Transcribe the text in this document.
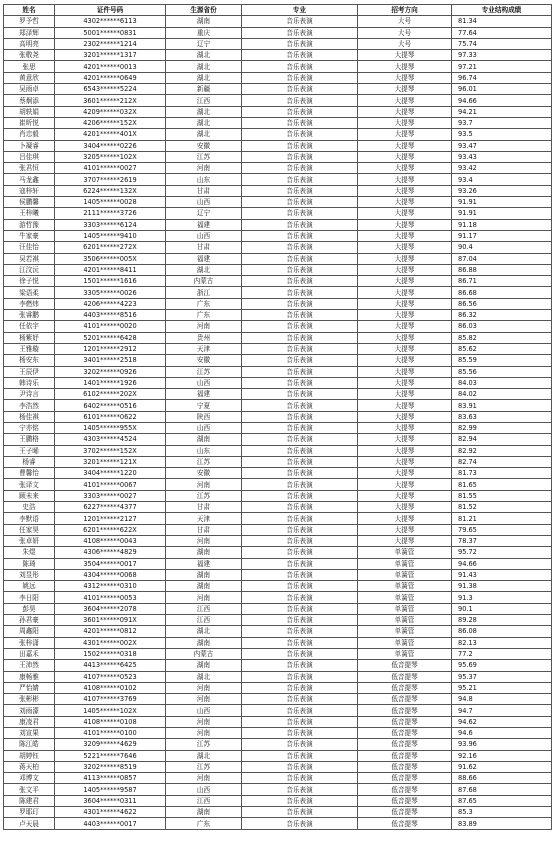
姓名	证件号码	生源省份	专业	招考方向	专业结构成绩
罗予哲	4302******6113	湖南	音乐表演	大号	81.34
郑泽辉	5001******0831	重庆	音乐表演	大号	77.64
高明亮	2302******1214	辽宁	音乐表演	大号	75.74
张敬尧	3201******1317	湖北	音乐表演	大提琴	97.33
张思	4201******0013	湖北	音乐表演	大提琴	97.21
黄意欣	4201******0649	湖北	音乐表演	大提琴	96.74
吴雨卓	6543******5224	新疆	音乐表演	大提琴	96.01
蔡炯添	3601******212X	江西	音乐表演	大提琴	94.66
胡轶娟	4209******032X	湖北	音乐表演	大提琴	94.21
崔昕悦	4206******152X	湖北	音乐表演	大提琴	93.7
肖忠毅	4201******401X	湖北	音乐表演	大提琴	93.5
卜凝睿	3404******0226	安徽	音乐表演	大提琴	93.47
吕佳琪	3205******102X	江苏	音乐表演	大提琴	93.43
张君恒	4101******0027	河南	音乐表演	大提琴	93.42
马龙鑫	3707******2619	山东	音乐表演	大提琴	93.4
寇梓轩	6224******132X	甘肃	音乐表演	大提琴	93.26
侯鹏馨	1405******0028	山西	音乐表演	大提琴	91.91
王梓曦	2111******3726	辽宁	音乐表演	大提琴	91.91
游哲豫	3303******6124	福建	音乐表演	大提琴	91.18
牛家豪	1405******9410	山西	音乐表演	大提琴	91.17
汪佳怡	6201******272X	甘肃	音乐表演	大提琴	90.4
吴若祺	3506******005X	福建	音乐表演	大提琴	87.04
江汶沅	4201******8411	湖北	音乐表演	大提琴	86.88
徐子悦	1501******1616	内蒙古	音乐表演	大提琴	86.71
梁语柔	3305******0026	浙江	音乐表演	大提琴	86.68
李燃炜	4206******4223	广东	音乐表演	大提琴	86.56
张睿鹏	4403******8516	广东	音乐表演	大提琴	86.32
任依宇	4101******0020	河南	音乐表演	大提琴	86.03
杨紫妤	5201******6428	贵州	音乐表演	大提琴	85.82
王雅璇	1201******2912	天津	音乐表演	大提琴	85.62
杨安东	3401******2518	安徽	音乐表演	大提琴	85.59
王辰伊	3202******0926	江苏	音乐表演	大提琴	85.56
韩诗乐	1401******1926	山西	音乐表演	大提琴	84.03
尹诗言	6102******202X	福建	音乐表演	大提琴	84.02
李浩然	6402******0516	宁夏	音乐表演	大提琴	83.91
杨佳祺	6101******0622	陕西	音乐表演	大提琴	83.63
宁亦铭	1405******955X	山西	音乐表演	大提琴	82.99
王鹏格	4303******4524	湖南	音乐表演	大提琴	82.94
王子晞	3702******152X	山东	音乐表演	大提琴	82.92
杨睿	3201******121X	江苏	音乐表演	大提琴	82.74
曹馨怡	3404******1220	安徽	音乐表演	大提琴	81.73
张译文	4101******0067	河南	音乐表演	大提琴	81.65
顾未来	3303******0027	江苏	音乐表演	大提琴	81.55
史浩	6227******4377	甘肃	音乐表演	大提琴	81.52
李默语	1201******2127	天津	音乐表演	大提琴	81.21
任家昊	6201******622X	甘肃	音乐表演	大提琴	79.65
张卓妍	4108******0043	河南	音乐表演	大提琴	78.37
朱煜	4306******4829	湖南	音乐表演	单簧管	95.72
陈琦	3504******0017	福建	音乐表演	单簧管	94.66
刘昱彤	4304******0068	湖南	音乐表演	单簧管	91.43
姚远	4312******0310	湖南	音乐表演	单簧管	91.38
李日阳	4101******0053	河南	音乐表演	单簧管	91.3
彭昊	3604******2078	江西	音乐表演	单簧管	90.1
孙君豪	3601******091X	江西	音乐表演	单簧管	89.28
周鑫阳	4201******0812	湖北	音乐表演	单簧管	86.08
张梓潇	4301******002X	湖南	音乐表演	单簧管	82.13
田嘉禾	1502******0318	内蒙古	音乐表演	单簧管	77.2
王沛然	4413******6425	湖南	音乐表演	低音提琴	95.69
康畅雅	4107******0523	湖北	音乐表演	低音提琴	95.37
严怡婧	4108******0102	河南	音乐表演	低音提琴	95.21
张彬彬	4107******3769	河南	音乐表演	低音提琴	94.8
刘雨濛	1405******102X	山西	音乐表演	低音提琴	94.7
康凌君	4108******0108	河南	音乐表演	低音提琴	94.62
刘宣果	4101******0100	河南	音乐表演	低音提琴	94.6
陈江皓	3209******4629	江苏	音乐表演	低音提琴	93.96
胡婷钰	5221******7646	湖北	音乐表演	低音提琴	92.16
蒋天柏	3202******8519	江苏	音乐表演	低音提琴	91.62
邓博文	4113******0857	河南	音乐表演	低音提琴	88.66
张文平	1405******9587	山西	音乐表演	低音提琴	87.68
陈建君	3604******0311	江西	音乐表演	低音提琴	87.65
罗耶玎	4301******4622	湖南	音乐表演	低音提琴	85.3
卢天晨	4403******0017	广东	音乐表演	低音提琴	83.89
